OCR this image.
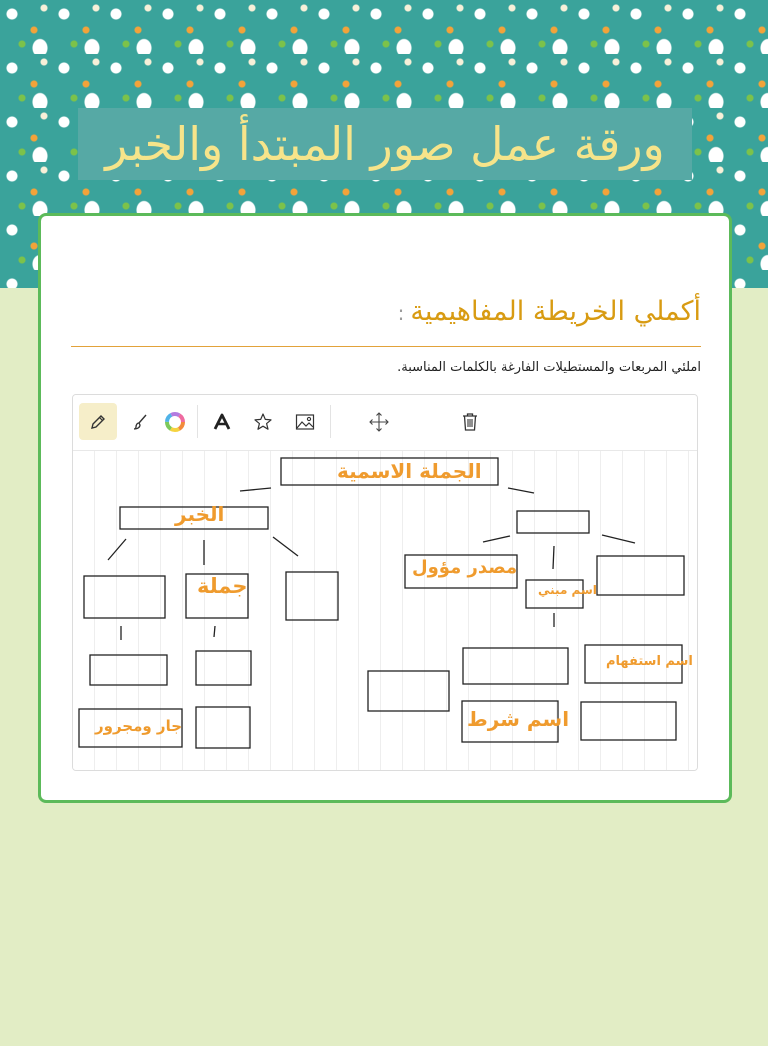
ورقة عمل صور المبتدأ والخبر
أكملي الخريطة المفاهيمية:
املئي المربعات والمستطيلات الفارغة بالكلمات المناسبة.
الجملة الاسمية
الخبر
جملة
مصدر مؤول
اسم مبني
اسم استفهام
جار ومجرور	اسم شرط
